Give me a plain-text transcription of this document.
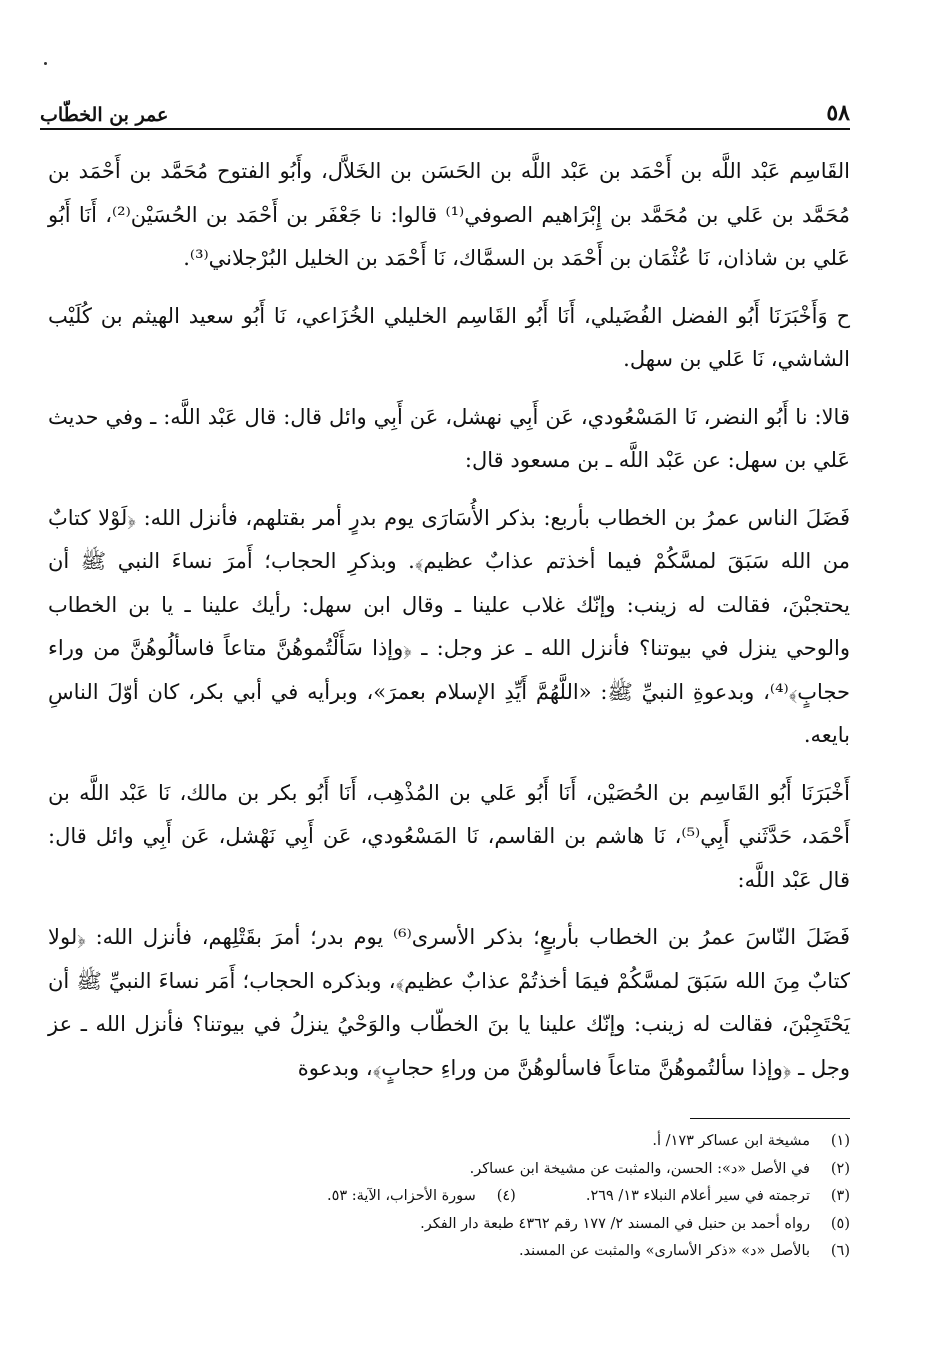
٥٨
عمر بن الخطّاب

القَاسِم عَبْد اللَّه بن أَحْمَد بن عَبْد اللَّه بن الحَسَن بن الخَلاَّل، وأَبُو الفتوح مُحَمَّد بن أَحْمَد بن مُحَمَّد بن عَلي بن مُحَمَّد بن إِبْرَاهيم الصوفي⁽¹⁾ قالوا: نا جَعْفَر بن أَحْمَد بن الحُسَيْن⁽²⁾، أَنَا أَبُو عَلي بن شاذان، نَا عُثْمَان بن أَحْمَد بن السمَّاك، نَا أَحْمَد بن الخليل البُرْجلاني⁽³⁾.

ح وَأَخْبَرَنَا أَبُو الفضل الفُضَيلي، أَنَا أَبُو القَاسِم الخليلي الخُزَاعي، نَا أَبُو سعيد الهيثم بن كُلَيْب الشاشي، نَا عَلي بن سهل.

قالا: نا أَبُو النضر، نَا المَسْعُودي، عَن أَبِي نهشل، عَن أَبِي وائل قال: قال عَبْد اللَّه: ـ وفي حديث عَلي بن سهل: عن عَبْد اللَّه ـ بن مسعود قال:

فَضَلَ الناس عمرُ بن الخطاب بأربع: بذكر الأُسَارَى يوم بدرٍ أمر بقتلهم، فأنزل الله: ﴿لَوْلا كتابٌ من الله سَبَقَ لمسَّكُمْ فيما أخذتم عذابٌ عظيم﴾. وبذكرِ الحجاب؛ أَمرَ نساءَ النبي ﷺ أن يحتجبْنَ، فقالت له زينب: وإنّك غلاب علينا ـ وقال ابن سهل: رأيك علينا ـ يا بن الخطاب والوحي ينزل في بيوتنا؟ فأنزل الله ـ عز وجل: ـ ﴿وإذا سَأَلْتُموهُنَّ متاعاً فاسألُوهُنَّ من وراء حجابٍ﴾⁽⁴⁾، وبدعوةِ النبيِّ ﷺ: «اللَّهُمَّ أَيِّدِ الإسلام بعمرَ»، وبرأيه في أبي بكر، كان أوّلَ الناسِ بايعه.

أَخْبَرَنَا أَبُو القَاسِم بن الحُصَيْن، أَنَا أَبُو عَلي بن المُذْهِب، أَنَا أَبُو بكر بن مالك، نَا عَبْد اللَّه بن أَحْمَد، حَدَّثَني أَبِي⁽⁵⁾، نَا هاشم بن القاسم، نَا المَسْعُودي، عَن أَبِي نَهْشل، عَن أَبِي وائل قال: قال عَبْد اللَّه:

فَضَلَ النّاسَ عمرُ بن الخطاب بأربعٍ؛ بذكر الأسرى⁽⁶⁾ يوم بدر؛ أمرَ بقَتْلِهم، فأنزل الله: ﴿لولا كتابٌ مِنَ الله سَبَقَ لمسَّكُمْ فيمَا أخذتُمْ عذابٌ عظيم﴾، وبذكره الحجاب؛ أَمَر نساءَ النبيِّ ﷺ أن يَحْتَجِبْنَ، فقالت له زينب: وإنّك علينا يا بنَ الخطّاب والوَحْيُ ينزلُ في بيوتنا؟ فأنزل الله ـ عز وجل ـ ﴿وإذا سألتُموهُنَّ متاعاً فاسألوهُنَّ من وراءِ حجابٍ﴾، وبدعوة

(١)
مشيخة ابن عساكر ١٧٣/ أ.
(٢)
في الأصل «د»: الحسن، والمثبت عن مشيخة ابن عساكر.
(٣)
ترجمته في سير أعلام النبلاء ١٣/ ٢٦٩.
(٤)
سورة الأحزاب، الآية: ٥٣.
(٥)
رواه أحمد بن حنبل في المسند ٢/ ١٧٧ رقم ٤٣٦٢ طبعة دار الفكر.
(٦)
بالأصل «د» «ذكر الأسارى» والمثبت عن المسند.
